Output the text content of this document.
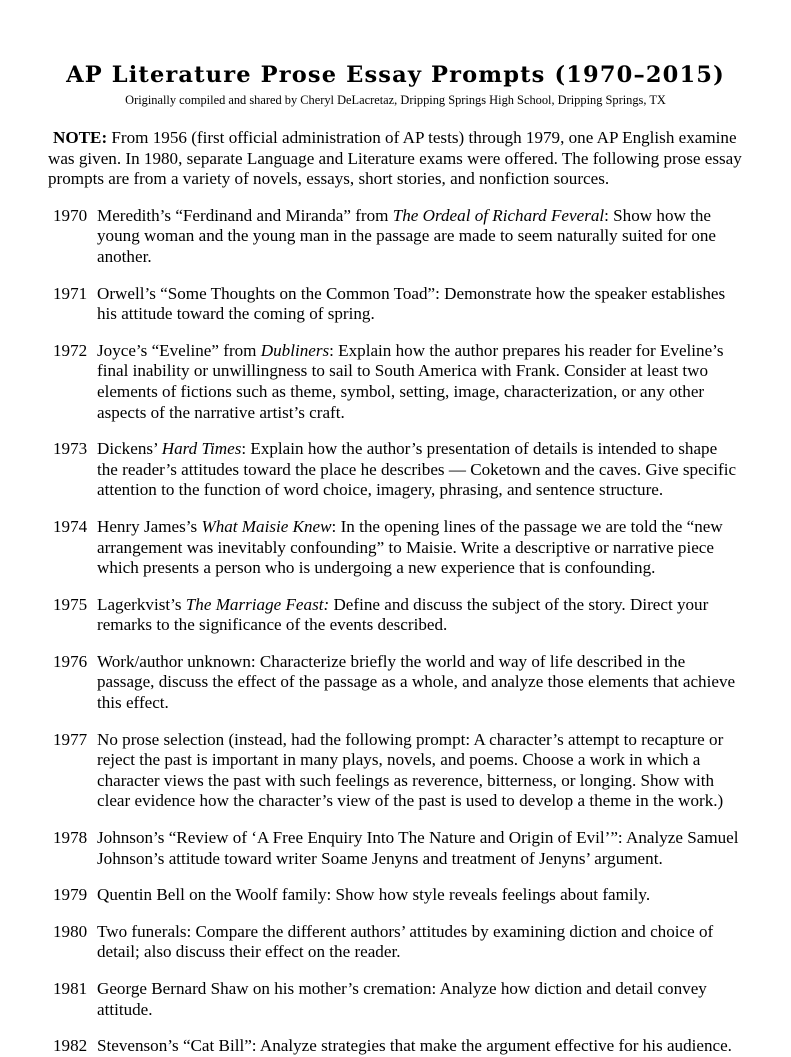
AP Literature Prose Essay Prompts (1970–2015)
Originally compiled and shared by Cheryl DeLacretaz, Dripping Springs High School, Dripping Springs, TX

NOTE: From 1956 (first official administration of AP tests) through 1979, one AP English examine was given. In 1980, separate Language and Literature exams were offered. The following prose essay prompts are from a variety of novels, essays, short stories, and nonfiction sources.

1970 Meredith’s “Ferdinand and Miranda” from The Ordeal of Richard Feveral: Show how the young woman and the young man in the passage are made to seem naturally suited for one another.
1971 Orwell’s “Some Thoughts on the Common Toad”: Demonstrate how the speaker establishes his attitude toward the coming of spring.
1972 Joyce’s “Eveline” from Dubliners: Explain how the author prepares his reader for Eveline’s final inability or unwillingness to sail to South America with Frank. Consider at least two elements of fictions such as theme, symbol, setting, image, characterization, or any other aspects of the narrative artist’s craft.
1973 Dickens’ Hard Times: Explain how the author’s presentation of details is intended to shape the reader’s attitudes toward the place he describes — Coketown and the caves. Give specific attention to the function of word choice, imagery, phrasing, and sentence structure.
1974 Henry James’s What Maisie Knew: In the opening lines of the passage we are told the “new arrangement was inevitably confounding” to Maisie. Write a descriptive or narrative piece which presents a person who is undergoing a new experience that is confounding.
1975 Lagerkvist’s The Marriage Feast: Define and discuss the subject of the story. Direct your remarks to the significance of the events described.
1976 Work/author unknown: Characterize briefly the world and way of life described in the passage, discuss the effect of the passage as a whole, and analyze those elements that achieve this effect.
1977 No prose selection (instead, had the following prompt: A character’s attempt to recapture or reject the past is important in many plays, novels, and poems. Choose a work in which a character views the past with such feelings as reverence, bitterness, or longing. Show with clear evidence how the character’s view of the past is used to develop a theme in the work.)
1978 Johnson’s “Review of ‘A Free Enquiry Into The Nature and Origin of Evil’”: Analyze Samuel Johnson’s attitude toward writer Soame Jenyns and treatment of Jenyns’ argument.
1979 Quentin Bell on the Woolf family: Show how style reveals feelings about family.
1980 Two funerals: Compare the different authors’ attitudes by examining diction and choice of detail; also discuss their effect on the reader.
1981 George Bernard Shaw on his mother’s cremation: Analyze how diction and detail convey attitude.
1982 Stevenson’s “Cat Bill”: Analyze strategies that make the argument effective for his audience.
